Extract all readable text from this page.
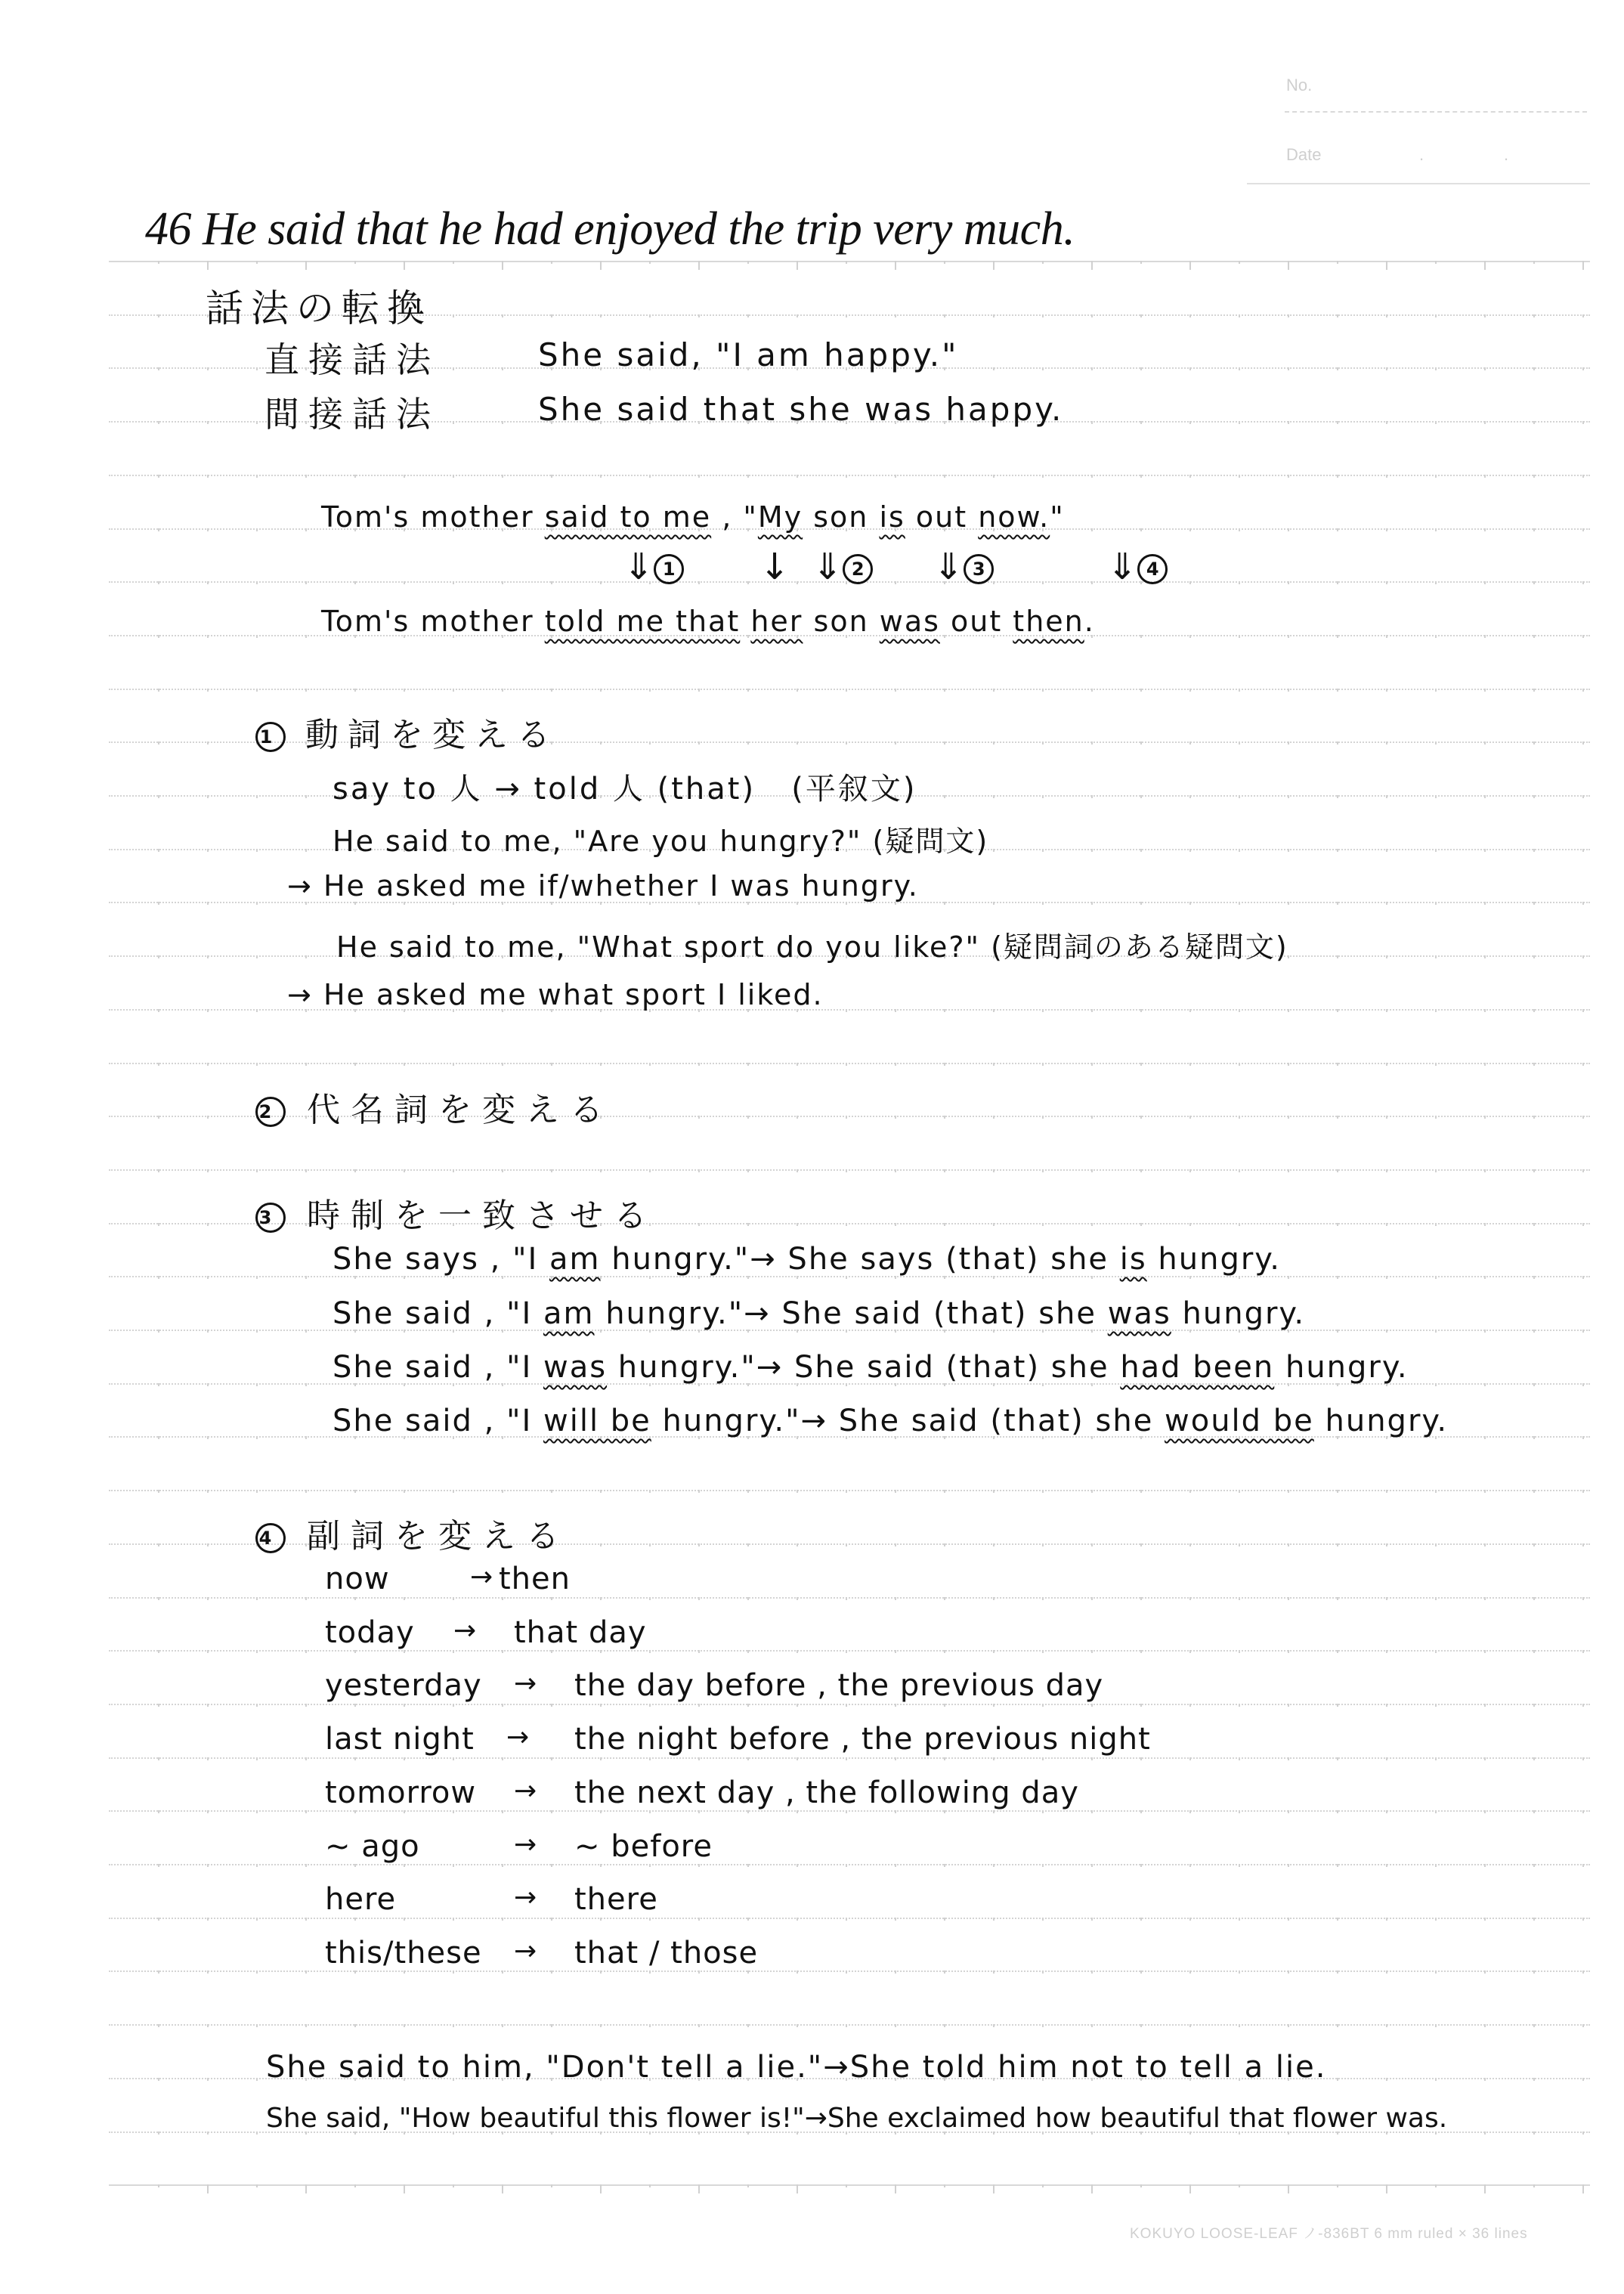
No.
Date	.	.
46 He said that he had enjoyed the trip very much.
話法の転換
直接話法	She said, "I am happy."
間接話法	She said that she was happy.
Tom's mother said to me , "My son is out now."
⇓ 1 ↓ ⇓ 2 ⇓ 3	⇓ 4
Tom's mother told me that her son was out then.
1 動詞を変える
say to 人 → told 人 (that) (平叙文)
He said to me, "Are you hungry?" (疑問文)
→ He asked me if/whether I was hungry.
He said to me, "What sport do you like?" (疑問詞のある疑問文)
→ He asked me what sport I liked.
2 代名詞を変える
3 時制を一致させる
She says , "I am hungry."→ She says (that) she is hungry.
She said , "I am hungry."→ She said (that) she was hungry.
She said , "I was hungry."→ She said (that) she had been hungry.
She said , "I will be hungry."→ She said (that) she would be hungry.
4 副詞を変える
now	→ then
today → that day
yesterday → the day before , the previous day
last night → the night before , the previous night
tomorrow → the next day , the following day
~ ago	→ ~ before
here	→ there
this/these → that / those
She said to him, "Don't tell a lie."→She told him not to tell a lie.
She said, "How beautiful this flower is!"→She exclaimed how beautiful that flower was.
KOKUYO LOOSE-LEAF ノ-836BT 6 mm ruled × 36 lines
